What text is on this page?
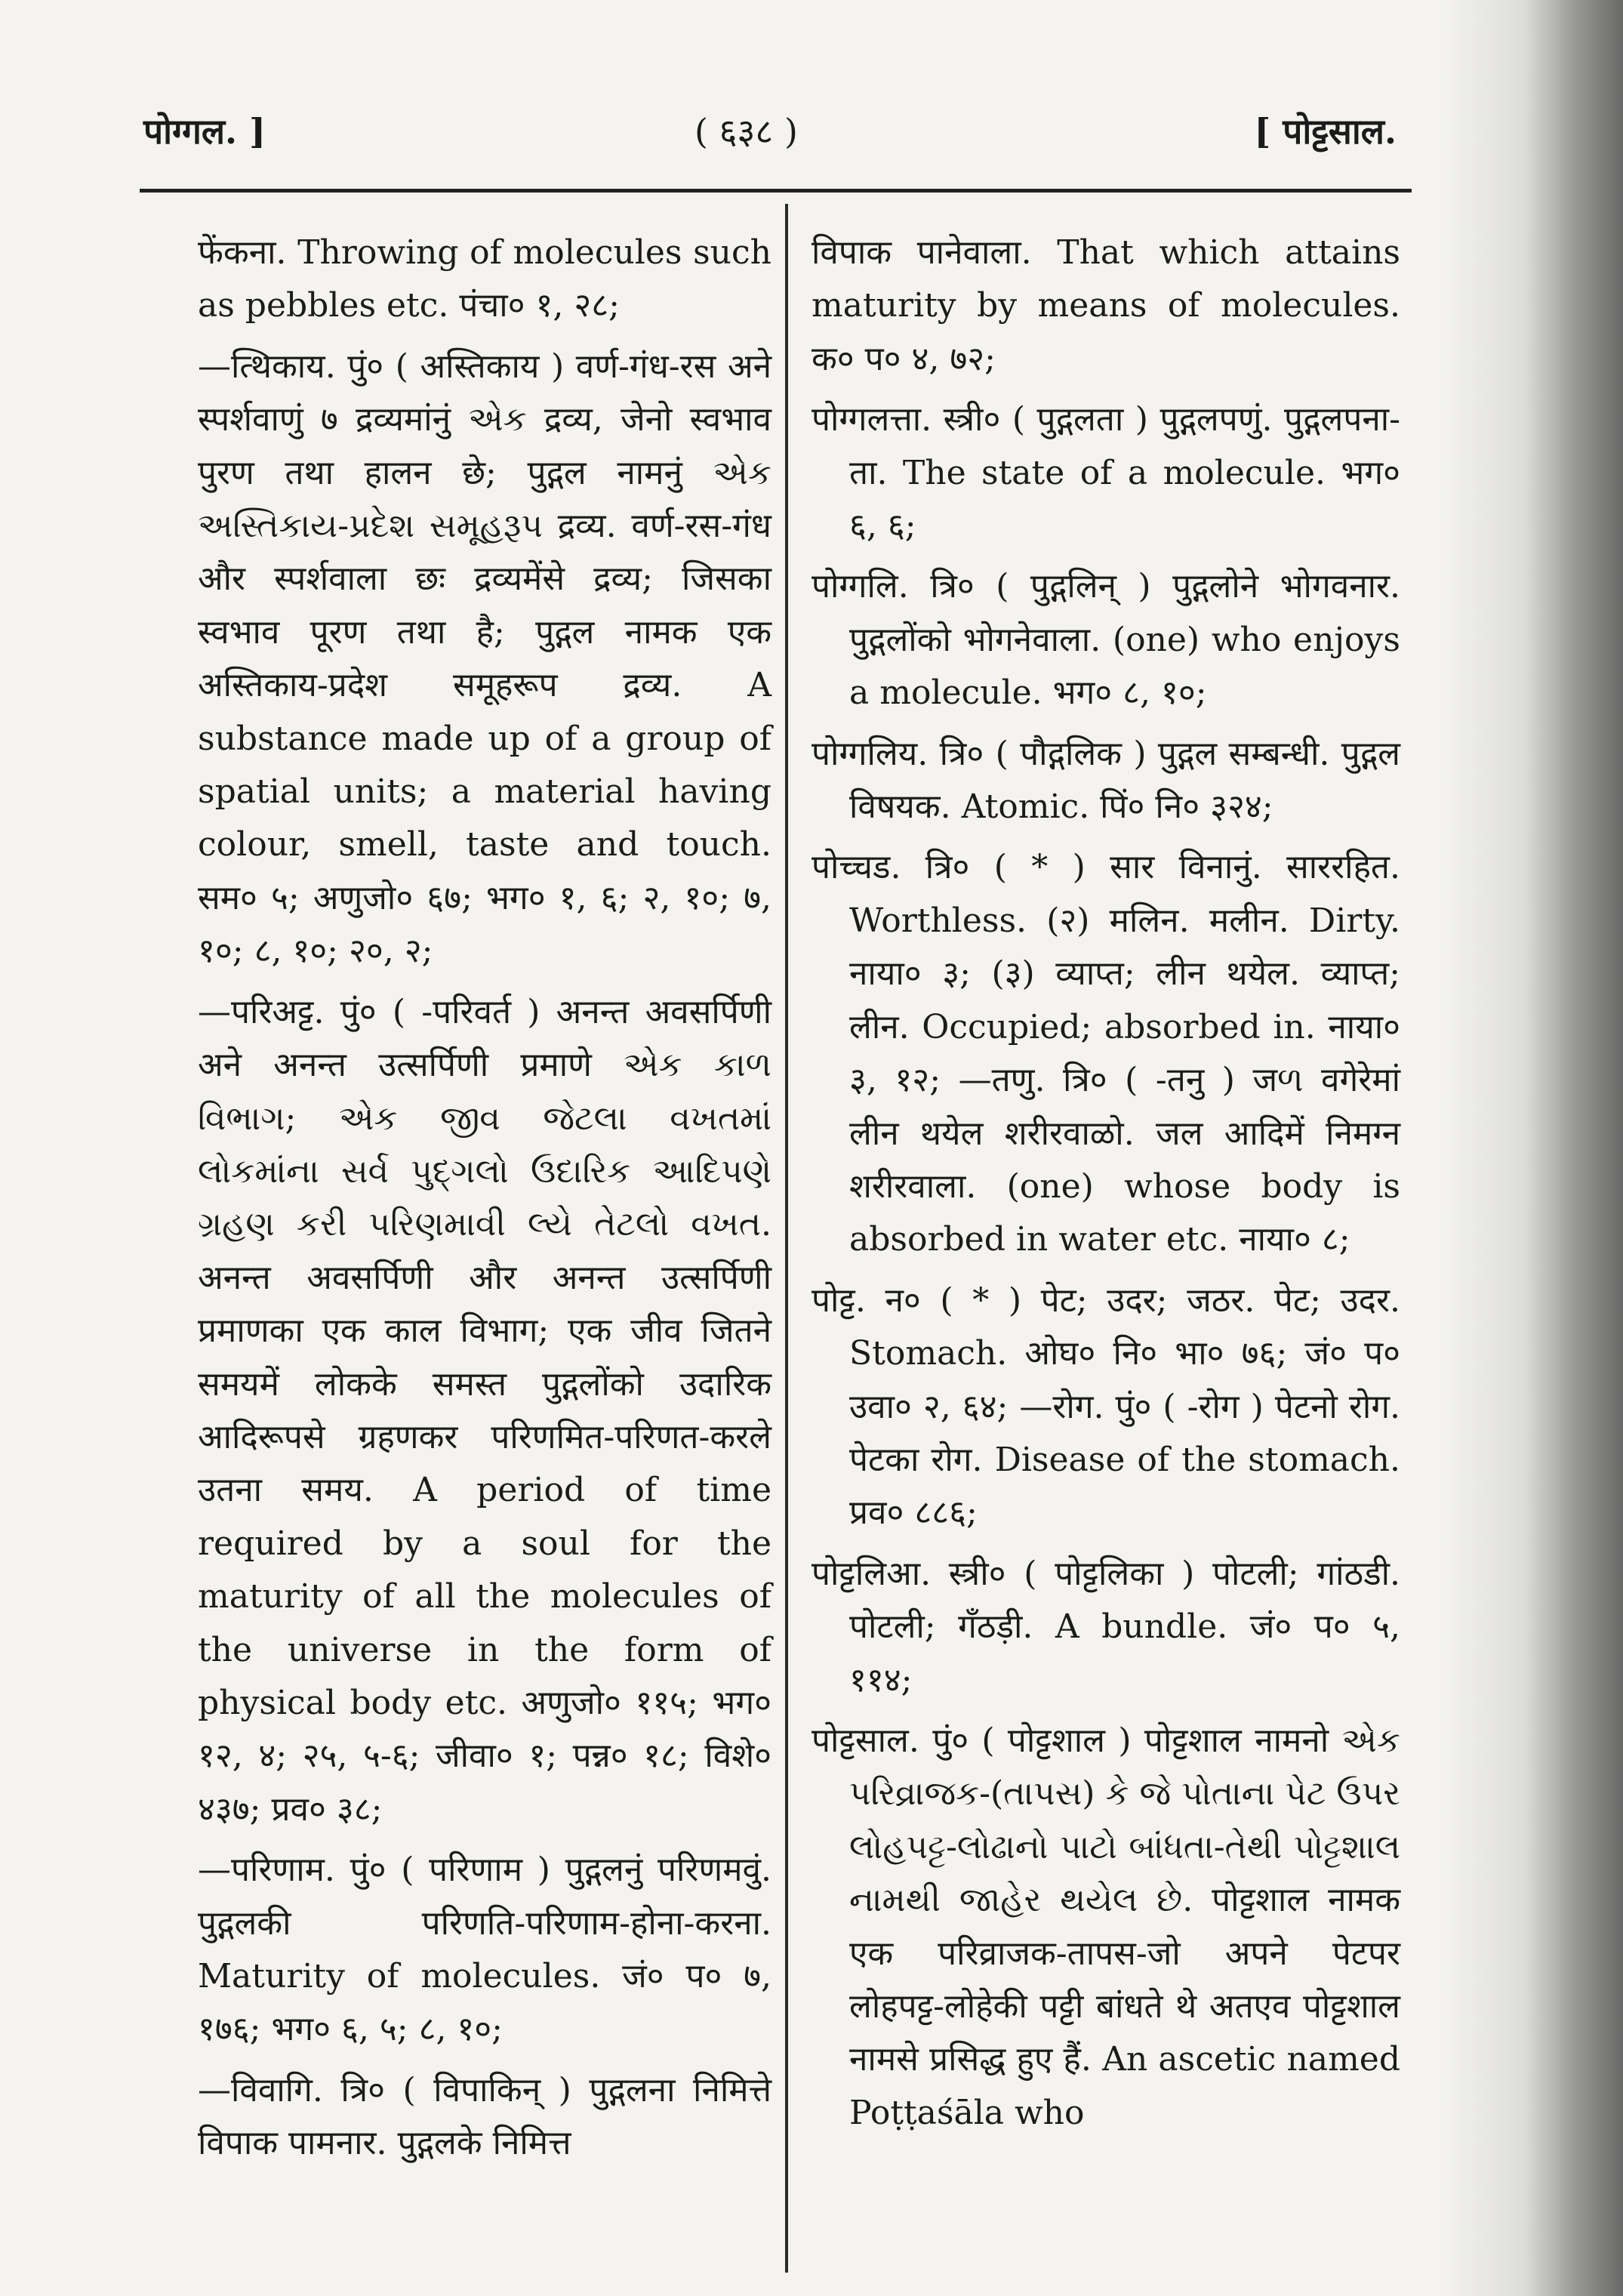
पोग्गल. ]	( ६३८ )	[ पोट्टसाल.

फेंकना. Throwing of molecules such as pebbles etc. पंचा० १, २८;

—त्थिकाय. पुं० ( अस्तिकाय ) वर्ण-गंध-रस अने स्पर्शवाणुं ७ द्रव्यमांनुं એક द्रव्य, जेनो स्वभाव पुरण तथा हालन छे; पुद्गल नामनुं એક અસ્તિકાય-પ્રદેશ સમૂહરૂપ द्रव्य. वर्ण-रस-गंध और स्पर्शवाला छः द्रव्यमेंसे द्रव्य; जिसका स्वभाव पूरण तथा है; पुद्गल नामक एक अस्तिकाय-प्रदेश समूहरूप द्रव्य. A substance made up of a group of spatial units; a material having colour, smell, taste and touch. सम० ५; अणुजो० ६७; भग० १, ६; २, १०; ७, १०; ८, १०; २०, २;

—परिअट्ट. पुं० ( -परिवर्त ) अनन्त अवसर्पिणी अने अनन्त उत्सर्पिणी प्रमाणे એક કાળ વિભાગ; એક જીવ જેટલા વખતમાં લોકમાંના સર્વ પુદ્ગલો ઉદારિક આદિપણે ગ્રહણ કરી પરિણમાવી લ્યે તેટલો વખત. अनन्त अवसर्पिणी और अनन्त उत्सर्पिणी प्रमाणका एक काल विभाग; एक जीव जितने समयमें लोकके समस्त पुद्गलोंको उदारिक आदिरूपसे ग्रहणकर परिणमित-परिणत-करले उतना समय. A period of time required by a soul for the maturity of all the molecules of the universe in the form of physical body etc. अणुजो० ११५; भग० १२, ४; २५, ५-६; जीवा० १; पन्न० १८; विशे० ४३७; प्रव० ३८;

—परिणाम. पुं० ( परिणाम ) पुद्गलनुं परिणमवुं. पुद्गलकी परिणति-परिणाम-होना-करना. Maturity of molecules. जं० प० ७, १७६; भग० ६, ५; ८, १०;

—विवागि. त्रि० ( विपाकिन् ) पुद्गलना निमित्ते विपाक पामनार. पुद्गलके निमित्त

विपाक पानेवाला. That which attains maturity by means of molecules. क० प० ४, ७२;

पोग्गलत्ता. स्त्री० ( पुद्गलता ) पुद्गलपणुं. पुद्गलपना-ता. The state of a molecule. भग० ६, ६;

पोग्गलि. त्रि० ( पुद्गलिन् ) पुद्गलोने भोगवनार. पुद्गलोंको भोगनेवाला. (one) who enjoys a molecule. भग० ८, १०;

पोग्गलिय. त्रि० ( पौद्गलिक ) पुद्गल सम्बन्धी. पुद्गल विषयक. Atomic. पिं० नि० ३२४;

पोच्चड. त्रि० ( * ) सार विनानुं. साररहित. Worthless. (२) मलिन. मलीन. Dirty. नाया० ३; (३) व्याप्त; लीन थयेल. व्याप्त; लीन. Occupied; absorbed in. नाया० ३, १२; —तणु. त्रि० ( -तनु ) जળ वगेरेमां लीन थयेल शरीरवाळो. जल आदिमें निमग्न शरीरवाला. (one) whose body is absorbed in water etc. नाया० ८;

पोट्ट. न० ( * ) पेट; उदर; जठर. पेट; उदर. Stomach. ओघ० नि० भा० ७६; जं० प० उवा० २, ६४; —रोग. पुं० ( -रोग ) पेटनो रोग. पेटका रोग. Disease of the stomach. प्रव० ८८६;

पोट्टलिआ. स्त्री० ( पोट्टलिका ) पोटली; गांठडी. पोटली; गँठड़ी. A bundle. जं० प० ५, ११४;

पोट्टसाल. पुं० ( पोट्टशाल ) पोट्टशाल नामनो એક પરિવ્રાજક-(તાપસ) કે જે પોતાના પેટ ઉપર લોહપટ્ટ-લોઢાનો પાટો બાંધતા-તેથી પોટ્ટશાલ નામથી જાહેર થયેલ છે. पोट्टशाल नामक एक परिव्राजक-तापस-जो अपने पेटपर लोहपट्ट-लोहेकी पट्टी बांधते थे अतएव पोट्टशाल नामसे प्रसिद्ध हुए हैं. An ascetic named Poṭṭaśāla who
